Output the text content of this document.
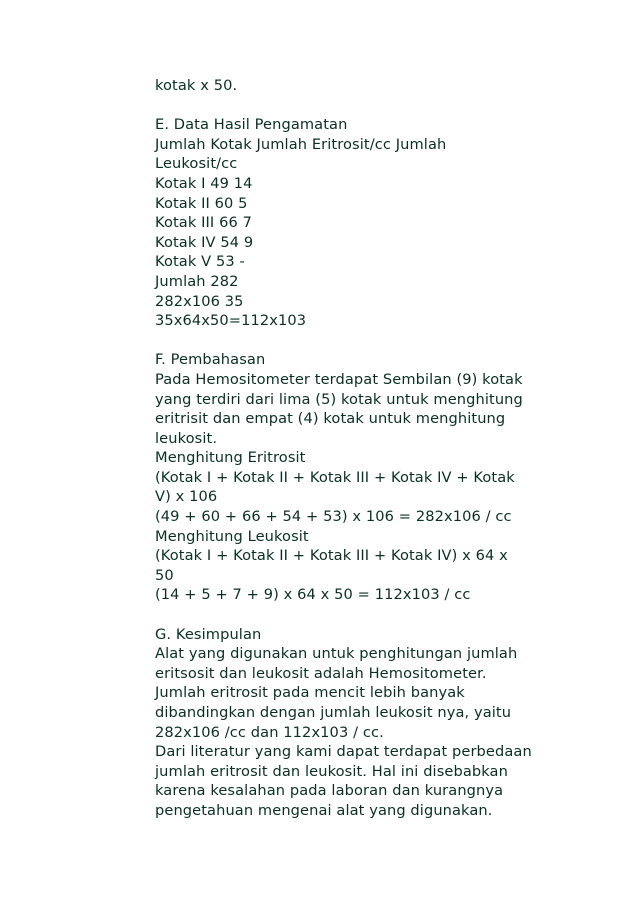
kotak x 50.
E. Data Hasil Pengamatan
Jumlah Kotak Jumlah Eritrosit/cc Jumlah
Leukosit/cc
Kotak I 49 14
Kotak II 60 5
Kotak III 66 7
Kotak IV 54 9
Kotak V 53 -
Jumlah 282
282x106 35
35x64x50=112x103
F. Pembahasan
Pada Hemositometer terdapat Sembilan (9) kotak
yang terdiri dari lima (5) kotak untuk menghitung
eritrisit dan empat (4) kotak untuk menghitung
leukosit.
Menghitung Eritrosit
(Kotak I + Kotak II + Kotak III + Kotak IV + Kotak
V) x 106
(49 + 60 + 66 + 54 + 53) x 106 = 282x106 / cc
Menghitung Leukosit
(Kotak I + Kotak II + Kotak III + Kotak IV) x 64 x
50
(14 + 5 + 7 + 9) x 64 x 50 = 112x103 / cc
G. Kesimpulan
Alat yang digunakan untuk penghitungan jumlah
eritsosit dan leukosit adalah Hemositometer.
Jumlah eritrosit pada mencit lebih banyak
dibandingkan dengan jumlah leukosit nya, yaitu
282x106 /cc dan 112x103 / cc.
Dari literatur yang kami dapat terdapat perbedaan
jumlah eritrosit dan leukosit. Hal ini disebabkan
karena kesalahan pada laboran dan kurangnya
pengetahuan mengenai alat yang digunakan.
